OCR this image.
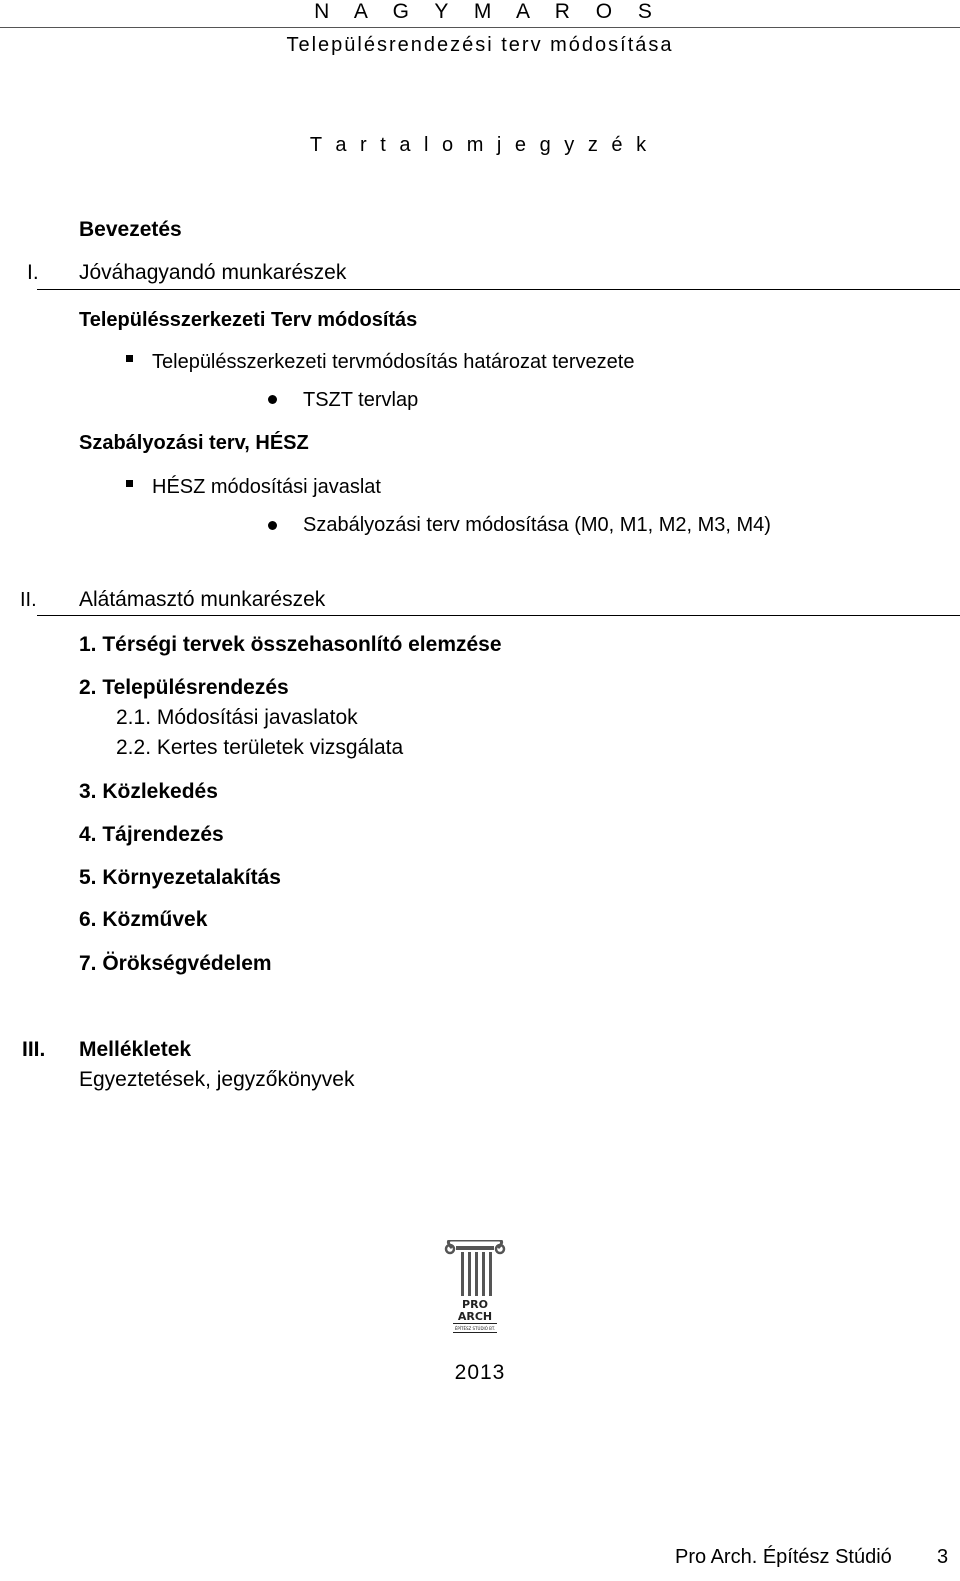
N A G Y M A R O S
Településrendezési terv módosítása
T a r t a l o m j e g y z é k
Bevezetés
I. Jóváhagyandó munkarészek
Településszerkezeti Terv módosítás
Településszerkezeti tervmódosítás határozat tervezete
TSZT tervlap
Szabályozási terv, HÉSZ
HÉSZ módosítási javaslat
Szabályozási terv módosítása (M0, M1, M2, M3, M4)
II. Alátámasztó munkarészek
1. Térségi tervek összehasonlító elemzése
2. Településrendezés
2.1. Módosítási javaslatok
2.2. Kertes területek vizsgálata
3. Közlekedés
4. Tájrendezés
5. Környezetalakítás
6. Közművek
7. Örökségvédelem
III. Mellékletek
Egyeztetések, jegyzőkönyvek
PRO
ARCH
ÉPÍTÉSZ STÚDIÓ BT.
2013
Pro Arch. Építész Stúdió 3
